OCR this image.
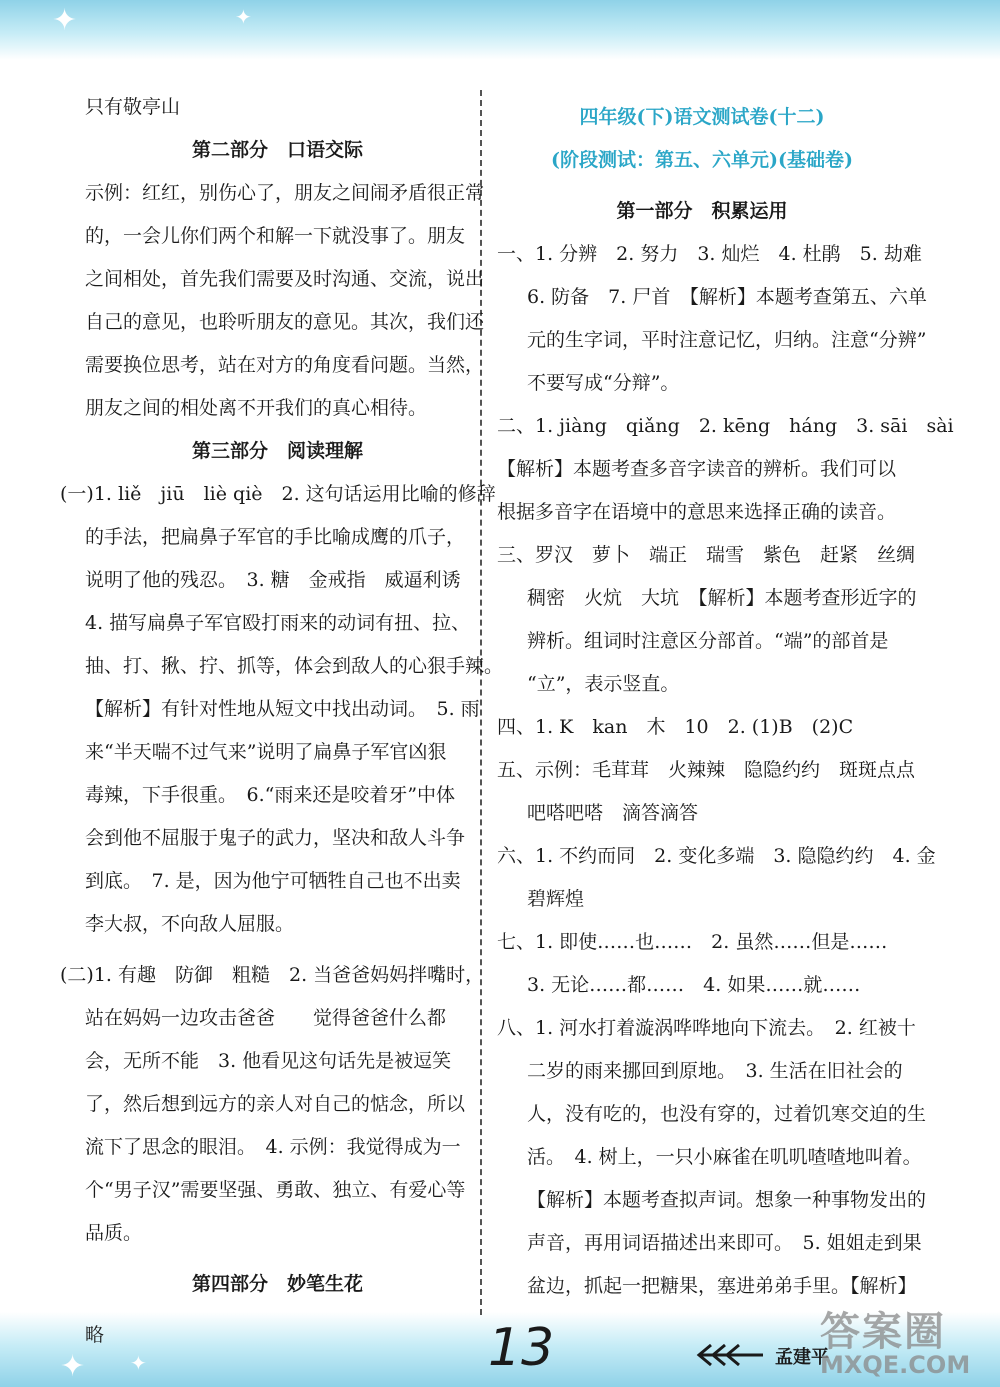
✦	✦
✦ ✦
只有敬亭山
第二部分　口语交际
示例：红红，别伤心了，朋友之间闹矛盾很正常
的，一会儿你们两个和解一下就没事了。朋友
之间相处，首先我们需要及时沟通、交流，说出
自己的意见，也聆听朋友的意见。其次，我们还
需要换位思考，站在对方的角度看问题。当然，
朋友之间的相处离不开我们的真心相待。
第三部分　阅读理解
(一)1. liě　jiū　liè qiè　2. 这句话运用比喻的修辞
的手法，把扁鼻子军官的手比喻成鹰的爪子，
说明了他的残忍。　3. 糖　金戒指　威逼利诱
4. 描写扁鼻子军官殴打雨来的动词有扭、拉、
抽、打、揪、拧、抓等，体会到敌人的心狠手辣。
【解析】有针对性地从短文中找出动词。　5. 雨
来“半天喘不过气来”说明了扁鼻子军官凶狠
毒辣，下手很重。　6.“雨来还是咬着牙”中体
会到他不屈服于鬼子的武力，坚决和敌人斗争
到底。　7. 是，因为他宁可牺牲自己也不出卖
李大叔，不向敌人屈服。
(二)1. 有趣　防御　粗糙　2. 当爸爸妈妈拌嘴时，
站在妈妈一边攻击爸爸　　觉得爸爸什么都
会，无所不能　3. 他看见这句话先是被逗笑
了，然后想到远方的亲人对自己的惦念，所以
流下了思念的眼泪。　4. 示例：我觉得成为一
个“男子汉”需要坚强、勇敢、独立、有爱心等
品质。
第四部分　妙笔生花
略
四年级(下)语文测试卷(十二)
(阶段测试：第五、六单元)(基础卷)
第一部分　积累运用
一、1. 分辨　2. 努力　3. 灿烂　4. 杜鹃　5. 劫难
6. 防备　7. 尸首　【解析】本题考查第五、六单
元的生字词，平时注意记忆，归纳。注意“分辨”
不要写成“分辩”。
二、1. jiàng　qiǎng　2. kēng　háng　3. sāi　sài
【解析】本题考查多音字读音的辨析。我们可以
根据多音字在语境中的意思来选择正确的读音。
三、罗汉　萝卜　端正　瑞雪　紫色　赶紧　丝绸
稠密　火炕　大坑　【解析】本题考查形近字的
辨析。组词时注意区分部首。“端”的部首是
“立”，表示竖直。
四、1. K　kan　木　10　2. (1)B　(2)C
五、示例：毛茸茸　火辣辣　隐隐约约　斑斑点点
吧嗒吧嗒　滴答滴答
六、1. 不约而同　2. 变化多端　3. 隐隐约约　4. 金
碧辉煌
七、1. 即使……也……　2. 虽然……但是……
3. 无论……都……　4. 如果……就……
八、1. 河水打着漩涡哗哗地向下流去。　2. 红被十
二岁的雨来挪回到原地。　3. 生活在旧社会的
人，没有吃的，也没有穿的，过着饥寒交迫的生
活。　4. 树上，一只小麻雀在叽叽喳喳地叫着。
【解析】本题考查拟声词。想象一种事物发出的
声音，再用词语描述出来即可。　5. 姐姐走到果
盆边，抓起一把糖果，塞进弟弟手里。【解析】
13	孟建平
答案圈
MXQE.COM
